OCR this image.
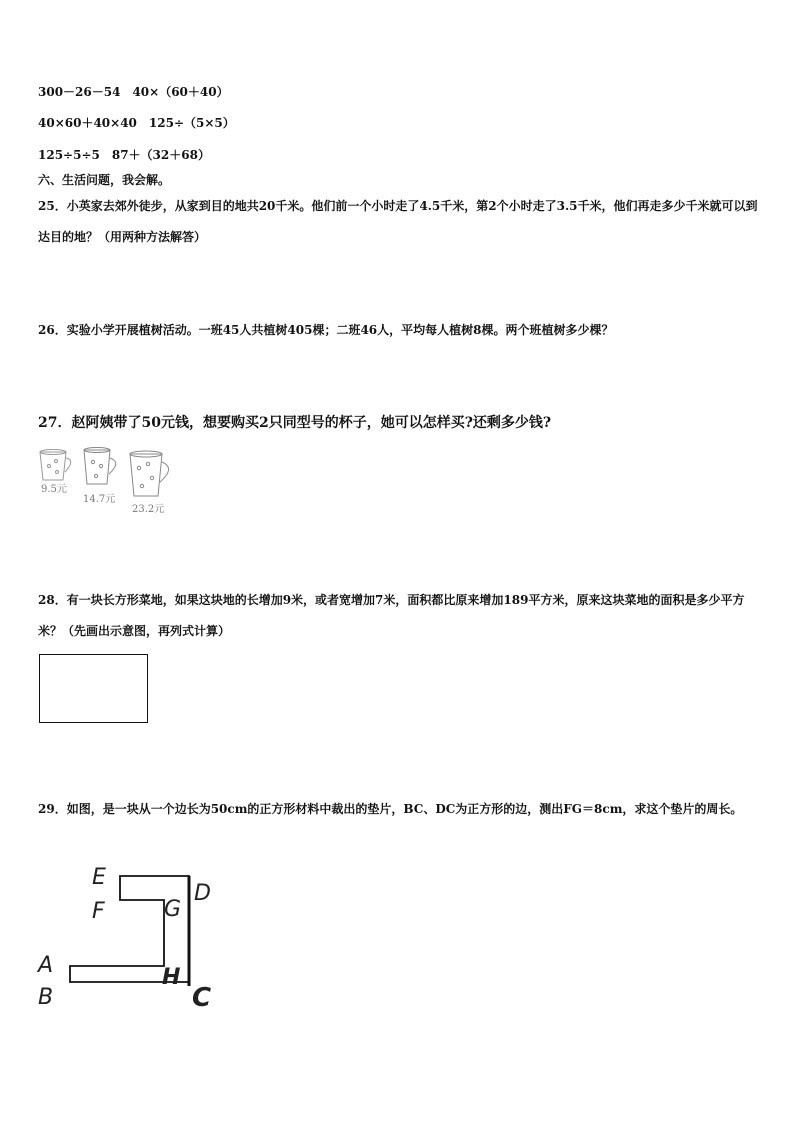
300－26－54　40×（60＋40）
40×60＋40×40　125÷（5×5）
125÷5÷5　87＋（32＋68）
六、生活问题，我会解。
25．小英家去郊外徒步，从家到目的地共20千米。他们前一个小时走了4.5千米，第2个小时走了3.5千米，他们再走多少千米就可以到达目的地？（用两种方法解答）
26．实验小学开展植树活动。一班45人共植树405棵；二班46人，平均每人植树8棵。两个班植树多少棵？
27．赵阿姨带了50元钱，想要购买2只同型号的杯子，她可以怎样买?还剩多少钱?
9.5元
14.7元
23.2元
28．有一块长方形菜地，如果这块地的长增加9米，或者宽增加7米，面积都比原来增加189平方米，原来这块菜地的面积是多少平方米？（先画出示意图，再列式计算）
29．如图，是一块从一个边长为50cm的正方形材料中裁出的垫片，BC、DC为正方形的边，测出FG＝8cm，求这个垫片的周长。
E
F	G
D
A
B
H
C
